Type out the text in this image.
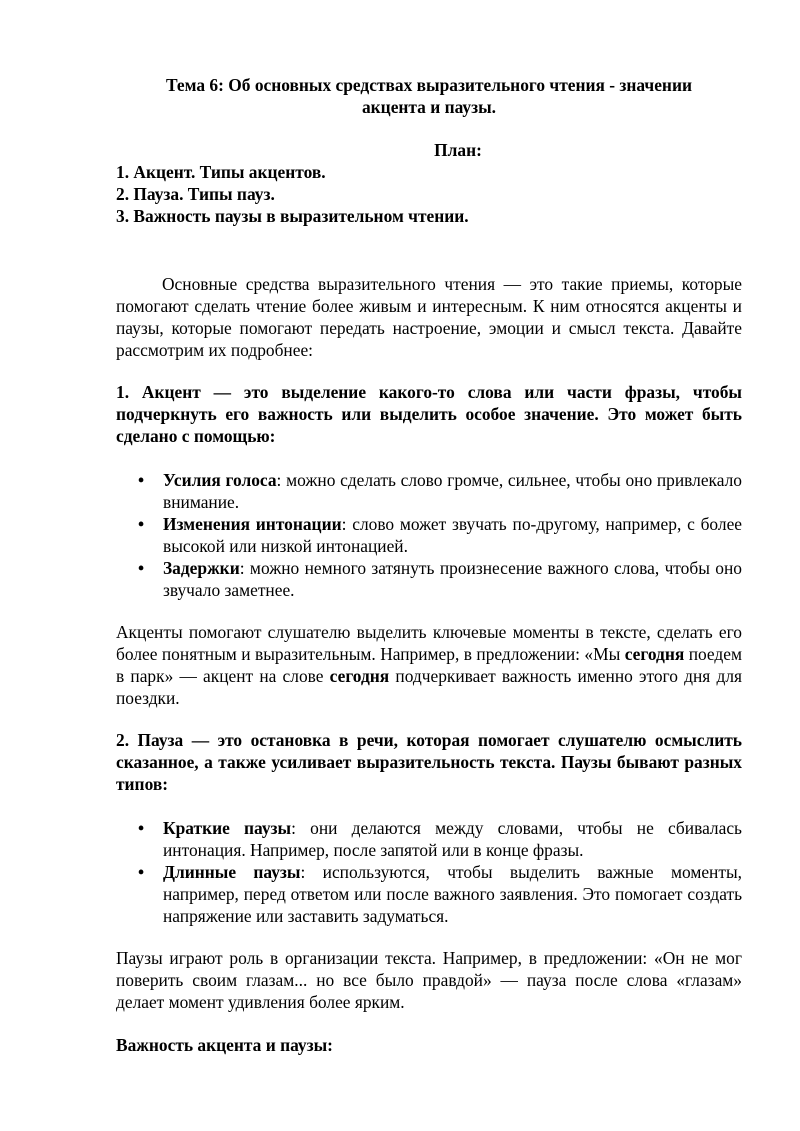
Тема 6: Об основных средствах выразительного чтения - значении
акцента и паузы.

План:

1. Акцент. Типы акцентов.

2. Пауза. Типы пауз.

3. Важность паузы в выразительном чтении.

Основные средства выразительного чтения — это такие приемы, которые помогают сделать чтение более живым и интересным. К ним относятся акценты и паузы, которые помогают передать настроение, эмоции и смысл текста. Давайте рассмотрим их подробнее:

1. Акцент — это выделение какого-то слова или части фразы, чтобы подчеркнуть его важность или выделить особое значение. Это может быть сделано с помощью:

• Усилия голоса: можно сделать слово громче, сильнее, чтобы оно привлекало внимание.
• Изменения интонации: слово может звучать по-другому, например, с более высокой или низкой интонацией.
• Задержки: можно немного затянуть произнесение важного слова, чтобы оно звучало заметнее.

Акценты помогают слушателю выделить ключевые моменты в тексте, сделать его более понятным и выразительным. Например, в предложении: «Мы сегодня поедем в парк» — акцент на слове сегодня подчеркивает важность именно этого дня для поездки.

2. Пауза — это остановка в речи, которая помогает слушателю осмыслить сказанное, а также усиливает выразительность текста. Паузы бывают разных типов:

• Краткие паузы: они делаются между словами, чтобы не сбивалась интонация. Например, после запятой или в конце фразы.
• Длинные паузы: используются, чтобы выделить важные моменты, например, перед ответом или после важного заявления. Это помогает создать напряжение или заставить задуматься.

Паузы играют роль в организации текста. Например, в предложении: «Он не мог поверить своим глазам... но все было правдой» — пауза после слова «глазам» делает момент удивления более ярким.

Важность акцента и паузы:
